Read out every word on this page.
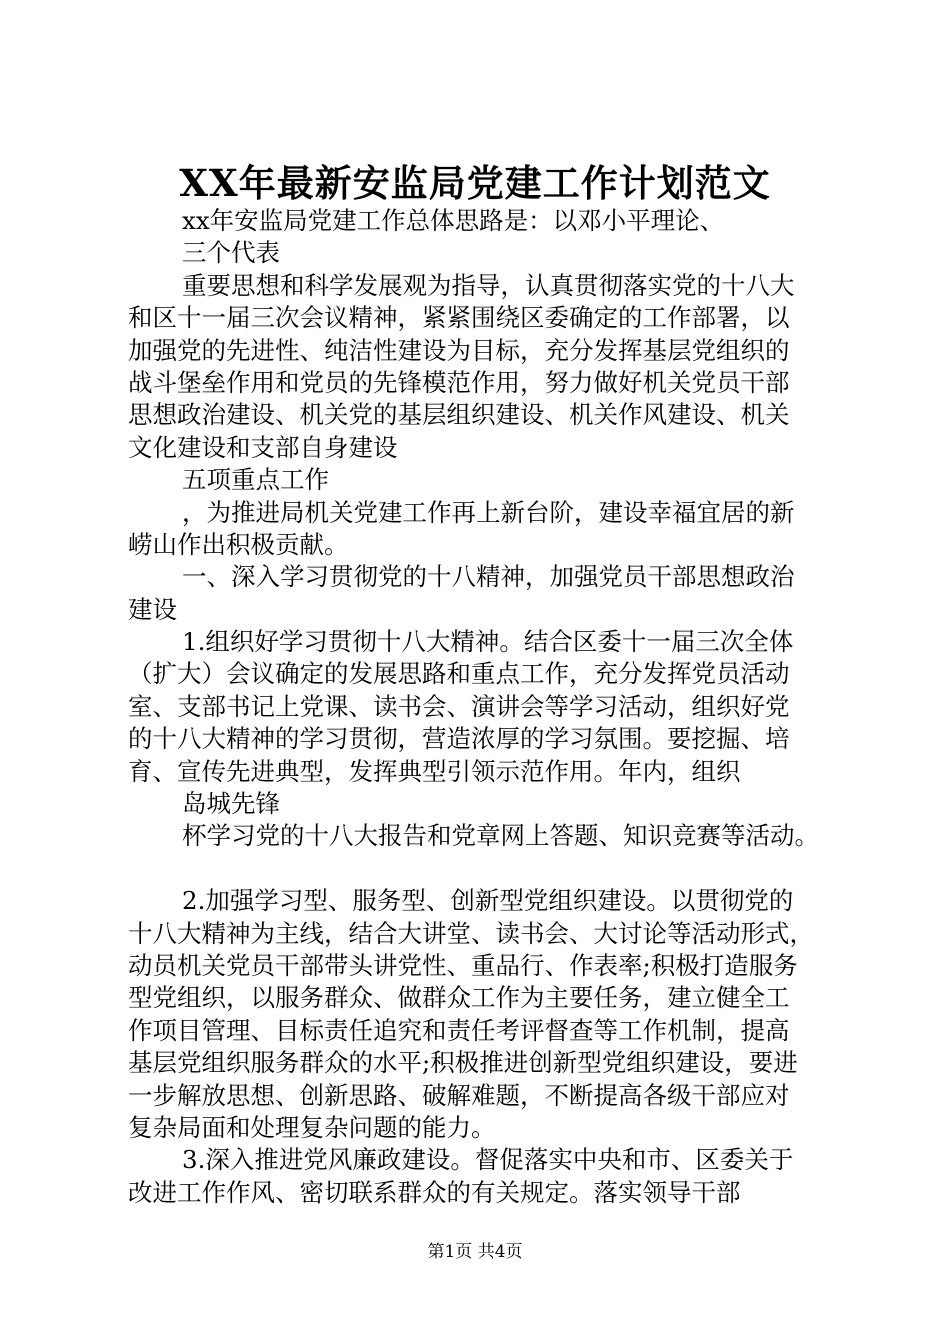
XX年最新安监局党建工作计划范文
xx年安监局党建工作总体思路是：以邓小平理论、
三个代表
重要思想和科学发展观为指导，认真贯彻落实党的十八大
和区十一届三次会议精神，紧紧围绕区委确定的工作部署，以
加强党的先进性、纯洁性建设为目标，充分发挥基层党组织的
战斗堡垒作用和党员的先锋模范作用，努力做好机关党员干部
思想政治建设、机关党的基层组织建设、机关作风建设、机关
文化建设和支部自身建设
五项重点工作
，为推进局机关党建工作再上新台阶，建设幸福宜居的新
崂山作出积极贡献。
一、深入学习贯彻党的十八精神，加强党员干部思想政治
建设
1.组织好学习贯彻十八大精神。结合区委十一届三次全体
（扩大）会议确定的发展思路和重点工作，充分发挥党员活动
室、支部书记上党课、读书会、演讲会等学习活动，组织好党
的十八大精神的学习贯彻，营造浓厚的学习氛围。要挖掘、培
育、宣传先进典型，发挥典型引领示范作用。年内，组织
岛城先锋
杯学习党的十八大报告和党章网上答题、知识竞赛等活动。
2.加强学习型、服务型、创新型党组织建设。以贯彻党的
十八大精神为主线，结合大讲堂、读书会、大讨论等活动形式，
动员机关党员干部带头讲党性、重品行、作表率;积极打造服务
型党组织，以服务群众、做群众工作为主要任务，建立健全工
作项目管理、目标责任追究和责任考评督查等工作机制，提高
基层党组织服务群众的水平;积极推进创新型党组织建设，要进
一步解放思想、创新思路、破解难题，不断提高各级干部应对
复杂局面和处理复杂问题的能力。
3.深入推进党风廉政建设。督促落实中央和市、区委关于
改进工作作风、密切联系群众的有关规定。落实领导干部
第1页 共4页
